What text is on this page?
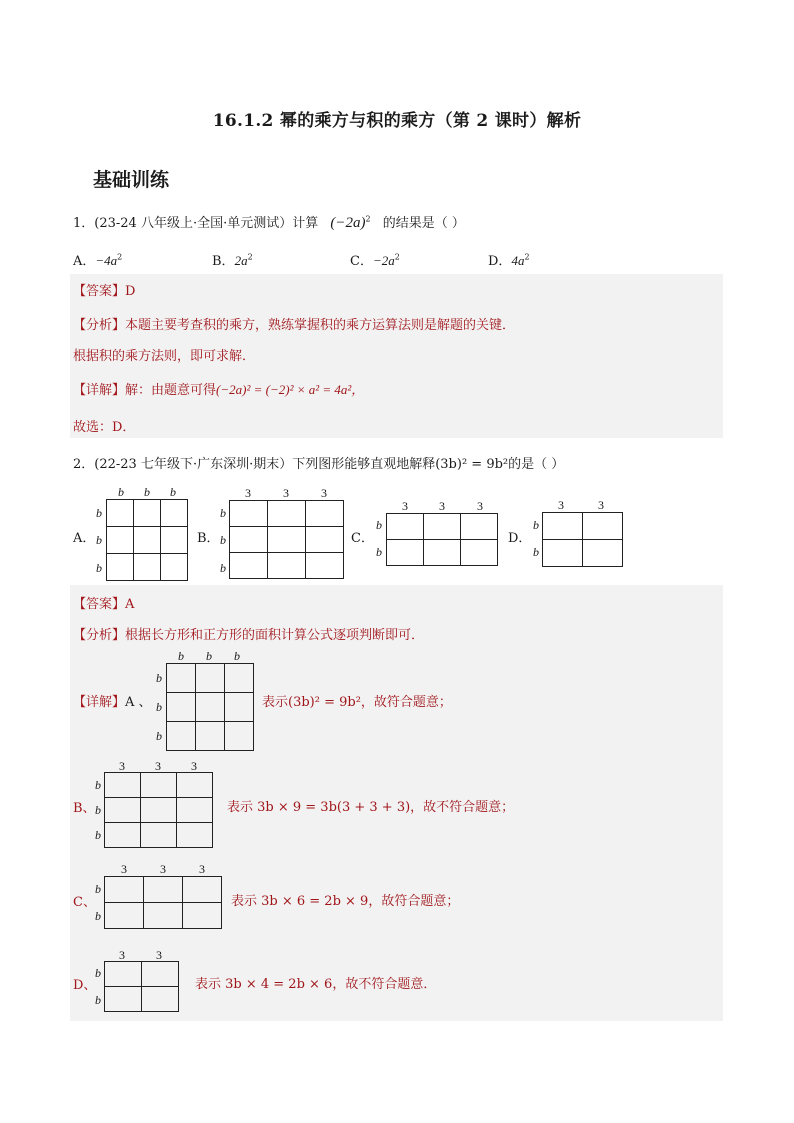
16.1.2 幂的乘方与积的乘方（第 2 课时）解析
基础训练
1．(23-24 八年级上·全国·单元测试）计算 $(-2a)^2$ 的结果是（ ）
A．$-4a^2$	B．$2a^2$	C．$-2a^2$	D．$4a^2$
【答案】D
【分析】本题主要考查积的乘方，熟练掌握积的乘方运算法则是解题的关键．
根据积的乘方法则，即可求解．
【详解】解：由题意可得(−2a)² = (−2)² × a² = 4a²，
故选：D．
2．(22-23 七年级下·广东深圳·期末）下列图形能够直观地解释(3b)² = 9b²的是（ ）
A．
b b b
b
b
b

B．
3	3	3
b
b
b

C．
3	3	3
b
b

D．
3	3
b
b

【答案】A
【分析】根据长方形和正方形的面积计算公式逐项判断即可．
【详解】A 、
b b b
b
b
b

表示(3b)² = 9b²，故符合题意；
B、
3	3	3
b
b
b

表示 3b × 9 = 3b(3 + 3 + 3)，故不符合题意；
C、
3	3	3
b
b

表示 3b × 6 = 2b × 9，故符合题意；
D、
3	3
b
b

表示 3b × 4 = 2b × 6，故不符合题意．
